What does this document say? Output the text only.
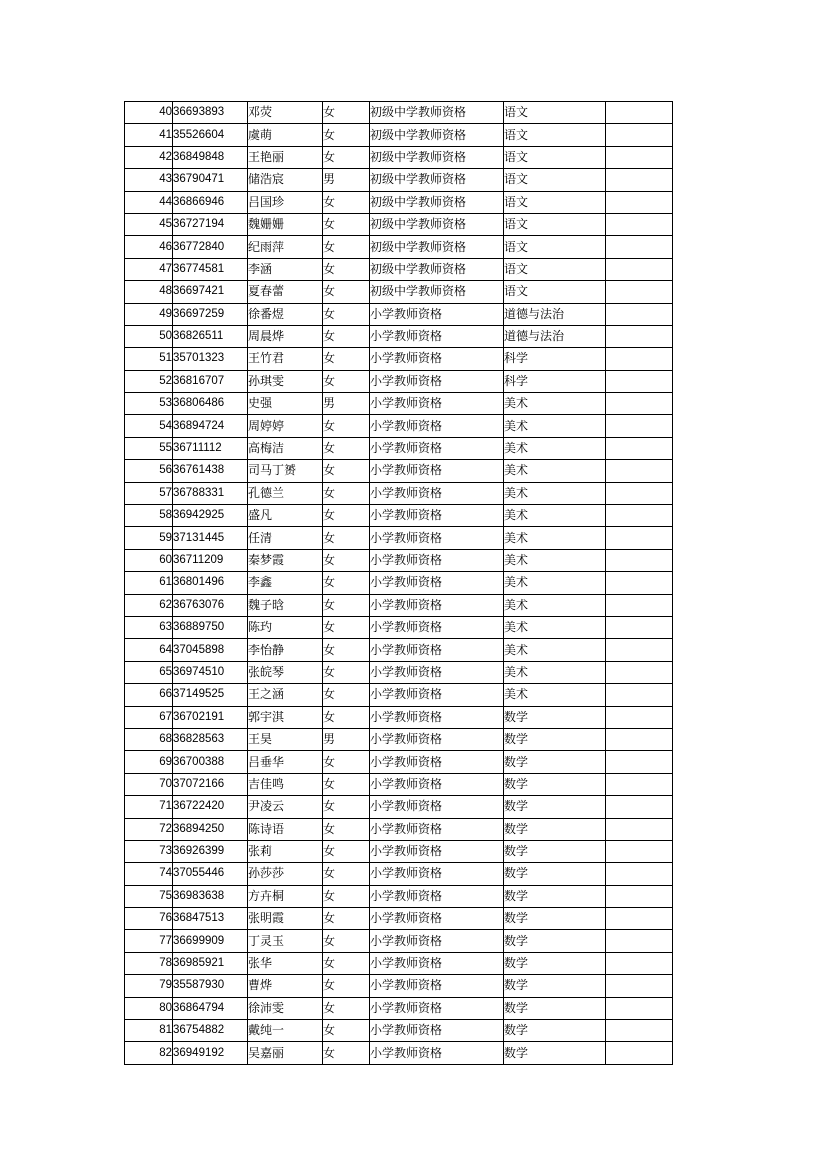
40	36693893	邓荧	女	初级中学教师资格	语文	
41	35526604	虞萌	女	初级中学教师资格	语文	
42	36849848	王艳丽	女	初级中学教师资格	语文	
43	36790471	储浩宸	男	初级中学教师资格	语文	
44	36866946	吕国珍	女	初级中学教师资格	语文	
45	36727194	魏姗姗	女	初级中学教师资格	语文	
46	36772840	纪雨萍	女	初级中学教师资格	语文	
47	36774581	李涵	女	初级中学教师资格	语文	
48	36697421	夏春蕾	女	初级中学教师资格	语文	
49	36697259	徐番煜	女	小学教师资格	道德与法治	
50	36826511	周晨烨	女	小学教师资格	道德与法治	
51	35701323	王竹君	女	小学教师资格	科学	
52	36816707	孙琪雯	女	小学教师资格	科学	
53	36806486	史强	男	小学教师资格	美术	
54	36894724	周婷婷	女	小学教师资格	美术	
55	36711112	高梅洁	女	小学教师资格	美术	
56	36761438	司马丁赟	女	小学教师资格	美术	
57	36788331	孔德兰	女	小学教师资格	美术	
58	36942925	盛凡	女	小学教师资格	美术	
59	37131445	任清	女	小学教师资格	美术	
60	36711209	秦梦霞	女	小学教师资格	美术	
61	36801496	李鑫	女	小学教师资格	美术	
62	36763076	魏子晗	女	小学教师资格	美术	
63	36889750	陈玓	女	小学教师资格	美术	
64	37045898	李怡静	女	小学教师资格	美术	
65	36974510	张皖琴	女	小学教师资格	美术	
66	37149525	王之涵	女	小学教师资格	美术	
67	36702191	郭宇淇	女	小学教师资格	数学	
68	36828563	王昊	男	小学教师资格	数学	
69	36700388	吕垂华	女	小学教师资格	数学	
70	37072166	吉佳鸣	女	小学教师资格	数学	
71	36722420	尹凌云	女	小学教师资格	数学	
72	36894250	陈诗语	女	小学教师资格	数学	
73	36926399	张莉	女	小学教师资格	数学	
74	37055446	孙莎莎	女	小学教师资格	数学	
75	36983638	方卉桐	女	小学教师资格	数学	
76	36847513	张明霞	女	小学教师资格	数学	
77	36699909	丁灵玉	女	小学教师资格	数学	
78	36985921	张华	女	小学教师资格	数学	
79	35587930	曹烨	女	小学教师资格	数学	
80	36864794	徐沛雯	女	小学教师资格	数学	
81	36754882	戴纯一	女	小学教师资格	数学	
82	36949192	吴嘉丽	女	小学教师资格	数学	
